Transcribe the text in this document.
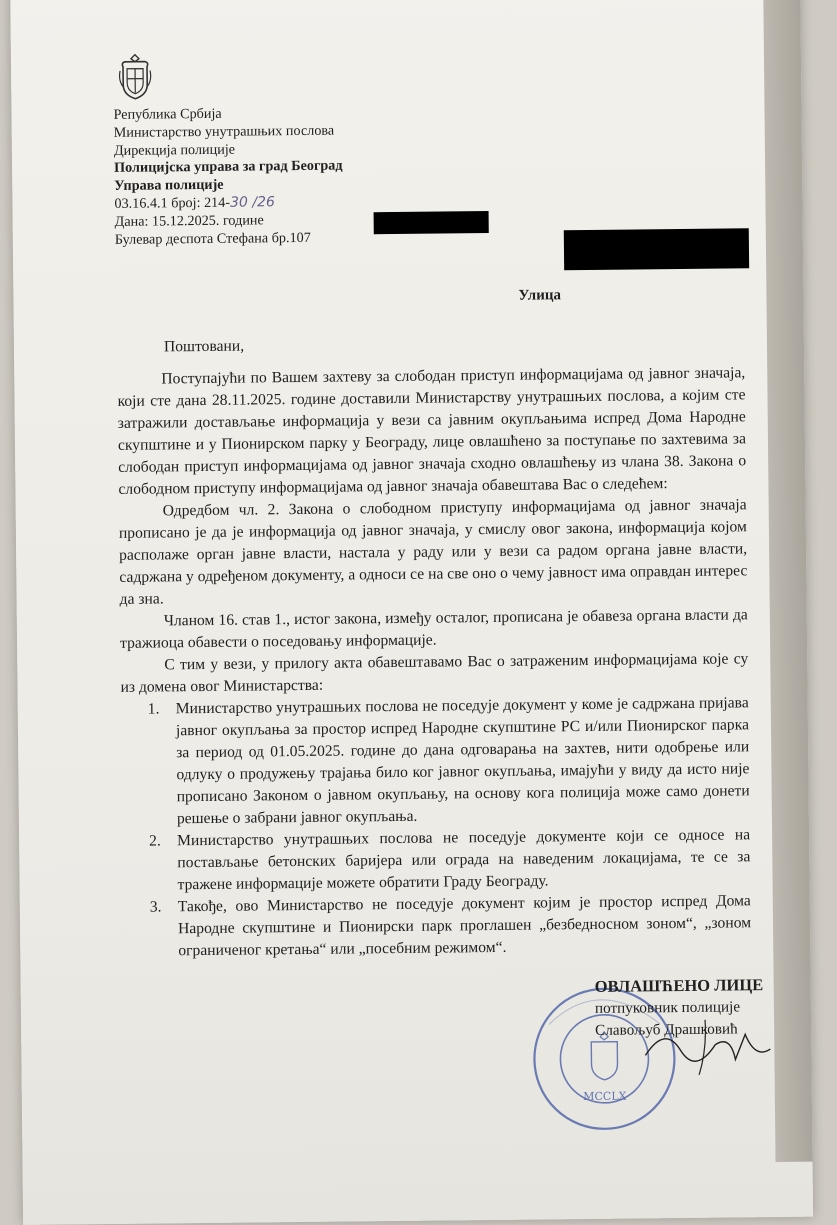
Република Србија
Министарство унутрашњих послова
Дирекција полиције
Полицијска управа за град Београд
Управа полиције
03.16.4.1 број: 214-30 /26
Дана: 15.12.2025. године
Булевар деспота Стефана бр.107
Улица
Поштовани,

Поступајући по Вашем захтеву за слободан приступ информацијама од јавног значаја, који сте дана 28.11.2025. године доставили Министарству унутрашњих послова, а којим сте затражили достављање информација у вези са јавним окупљањима испред Дома Народне скупштине и у Пионирском парку у Београду, лице овлашћено за поступање по захтевима за слободан приступ информацијама од јавног значаја сходно овлашћењу из члана 38. Закона о слободном приступу информацијама од јавног значаја обавештава Вас о следећем:

Одредбом чл. 2. Закона о слободном приступу информацијама од јавног значаја прописано је да је информација од јавног значаја, у смислу овог закона, информација којом располаже орган јавне власти, настала у раду или у вези са радом органа јавне власти, садржана у одређеном документу, а односи се на све оно о чему јавност има оправдан интерес да зна.

Чланом 16. став 1., истог закона, између осталог, прописана је обавеза органа власти да тражиоца обавести о поседовању информације.

С тим у вези, у прилогу акта обавештавамо Вас о затраженим информацијама које су из домена овог Министарства:

1. Министарство унутрашњих послова не поседује документ у коме је садржана пријава јавног окупљања за простор испред Народне скупштине РС и/или Пионирског парка за период од 01.05.2025. године до дана одговарања на захтев, нити одобрење или одлуку о продужењу трајања било ког јавног окупљања, имајући у виду да исто није прописано Законом о јавном окупљању, на основу кога полиција може само донети решење о забрани јавног окупљања.
2. Министарство унутрашњих послова не поседује документе који се односе на постављање бетонских баријера или ограда на наведеним локацијама, те се за тражене информације можете обратити Граду Београду.
3. Такође, ово Министарство не поседује документ којим је простор испред Дома Народне скупштине и Пионирски парк проглашен „безбедносном зоном“, „зоном ограниченог кретања“ или „посебним режимом“.
MCCLX
ОВЛАШЋЕНО ЛИЦЕ
потпуковник полиције
Славољуб Драшковић
